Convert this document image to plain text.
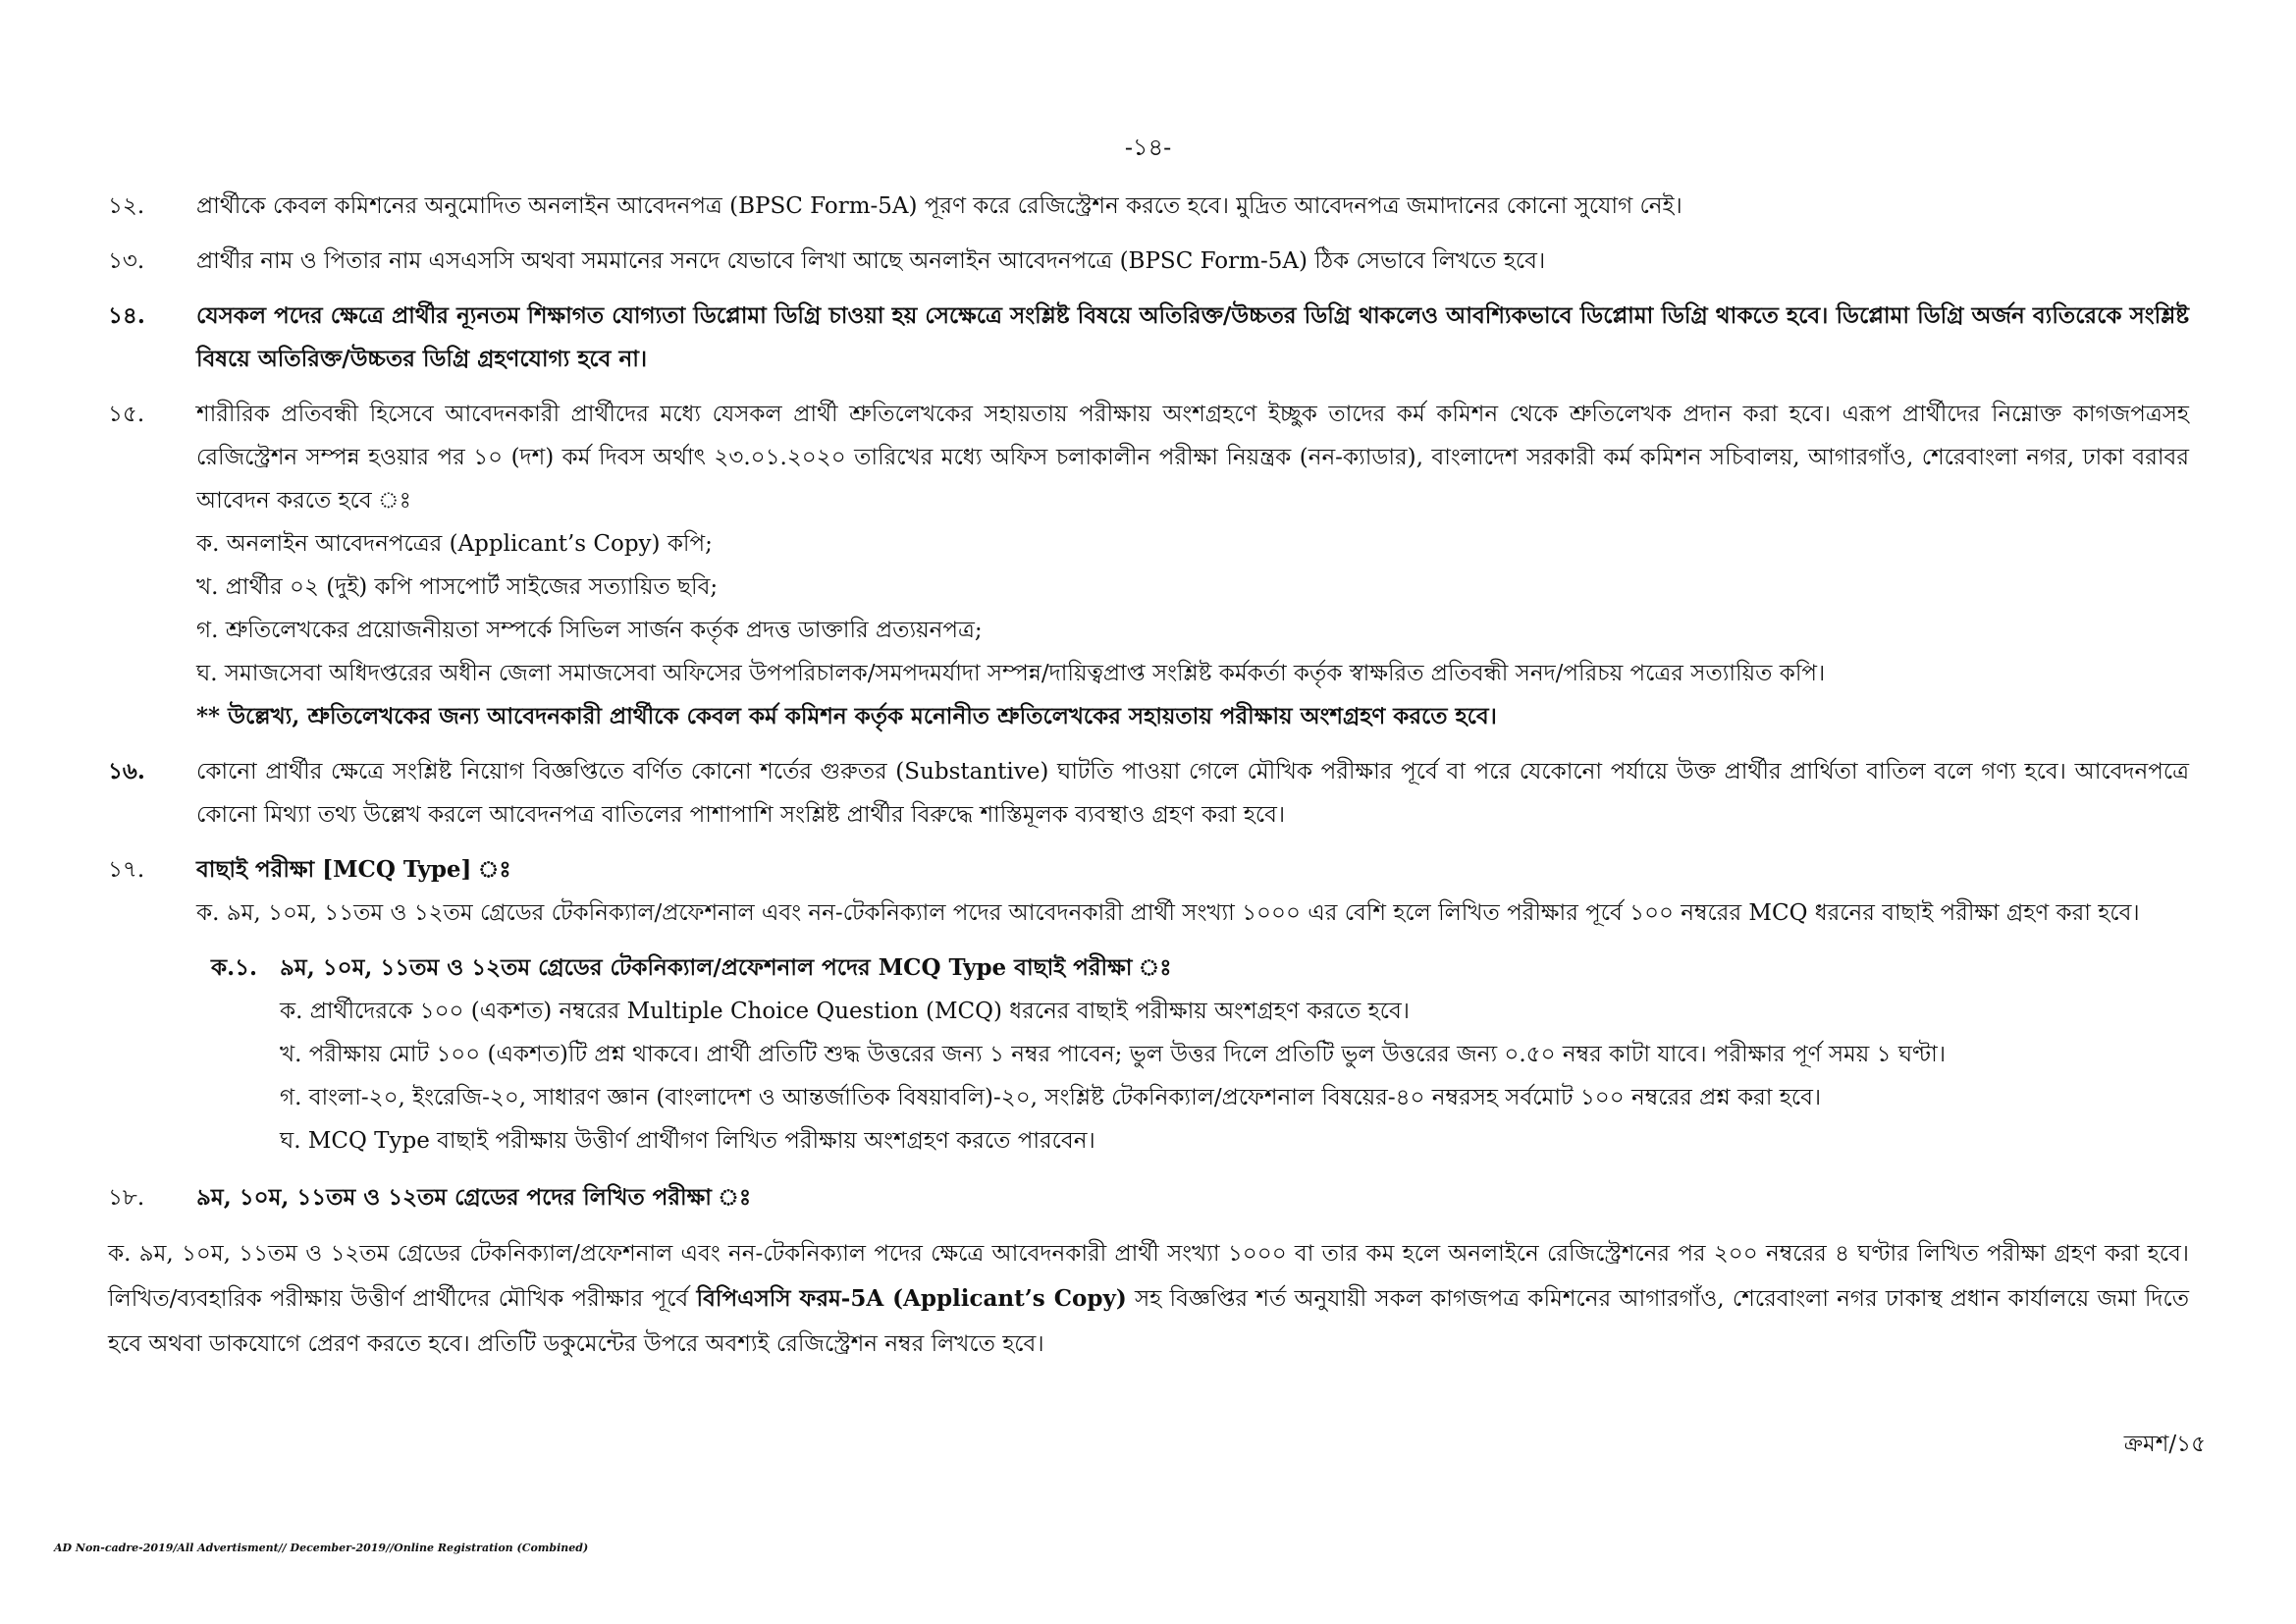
-১৪-
১২.	প্রার্থীকে কেবল কমিশনের অনুমোদিত অনলাইন আবেদনপত্র (BPSC Form-5A) পূরণ করে রেজিস্ট্রেশন করতে হবে। মুদ্রিত আবেদনপত্র জমাদানের কোনো সুযোগ নেই।
১৩.	প্রার্থীর নাম ও পিতার নাম এসএসসি অথবা সমমানের সনদে যেভাবে লিখা আছে অনলাইন আবেদনপত্রে (BPSC Form-5A) ঠিক সেভাবে লিখতে হবে।
১৪.	যেসকল পদের ক্ষেত্রে প্রার্থীর ন্যূনতম শিক্ষাগত যোগ্যতা ডিপ্লোমা ডিগ্রি চাওয়া হয় সেক্ষেত্রে সংশ্লিষ্ট বিষয়ে অতিরিক্ত/উচ্চতর ডিগ্রি থাকলেও আবশ্যিকভাবে ডিপ্লোমা ডিগ্রি থাকতে হবে। ডিপ্লোমা ডিগ্রি অর্জন ব্যতিরেকে সংশ্লিষ্ট বিষয়ে অতিরিক্ত/উচ্চতর ডিগ্রি গ্রহণযোগ্য হবে না।
১৫.	শারীরিক প্রতিবন্ধী হিসেবে আবেদনকারী প্রার্থীদের মধ্যে যেসকল প্রার্থী শ্রুতিলেখকের সহায়তায় পরীক্ষায় অংশগ্রহণে ইচ্ছুক তাদের কর্ম কমিশন থেকে শ্রুতিলেখক প্রদান করা হবে। এরূপ প্রার্থীদের নিম্নোক্ত কাগজপত্রসহ রেজিস্ট্রেশন সম্পন্ন হওয়ার পর ১০ (দশ) কর্ম দিবস অর্থাৎ ২৩.০১.২০২০ তারিখের মধ্যে অফিস চলাকালীন পরীক্ষা নিয়ন্ত্রক (নন-ক্যাডার), বাংলাদেশ সরকারী কর্ম কমিশন সচিবালয়, আগারগাঁও, শেরেবাংলা নগর, ঢাকা বরাবর আবেদন করতে হবে ঃ
ক. অনলাইন আবেদনপত্রের (Applicant’s Copy) কপি;
খ. প্রার্থীর ০২ (দুই) কপি পাসপোর্ট সাইজের সত্যায়িত ছবি;
গ. শ্রুতিলেখকের প্রয়োজনীয়তা সম্পর্কে সিভিল সার্জন কর্তৃক প্রদত্ত ডাক্তারি প্রত্যয়নপত্র;
ঘ. সমাজসেবা অধিদপ্তরের অধীন জেলা সমাজসেবা অফিসের উপপরিচালক/সমপদমর্যাদা সম্পন্ন/দায়িত্বপ্রাপ্ত সংশ্লিষ্ট কর্মকর্তা কর্তৃক স্বাক্ষরিত প্রতিবন্ধী সনদ/পরিচয় পত্রের সত্যায়িত কপি।
** উল্লেখ্য, শ্রুতিলেখকের জন্য আবেদনকারী প্রার্থীকে কেবল কর্ম কমিশন কর্তৃক মনোনীত শ্রুতিলেখকের সহায়তায় পরীক্ষায় অংশগ্রহণ করতে হবে।
১৬.	কোনো প্রার্থীর ক্ষেত্রে সংশ্লিষ্ট নিয়োগ বিজ্ঞপ্তিতে বর্ণিত কোনো শর্তের গুরুতর (Substantive) ঘাটতি পাওয়া গেলে মৌখিক পরীক্ষার পূর্বে বা পরে যেকোনো পর্যায়ে উক্ত প্রার্থীর প্রার্থিতা বাতিল বলে গণ্য হবে। আবেদনপত্রে কোনো মিথ্যা তথ্য উল্লেখ করলে আবেদনপত্র বাতিলের পাশাপাশি সংশ্লিষ্ট প্রার্থীর বিরুদ্ধে শাস্তিমূলক ব্যবস্থাও গ্রহণ করা হবে।
১৭.	বাছাই পরীক্ষা [MCQ Type] ঃ
ক. ৯ম, ১০ম, ১১তম ও ১২তম গ্রেডের টেকনিক্যাল/প্রফেশনাল এবং নন-টেকনিক্যাল পদের আবেদনকারী প্রার্থী সংখ্যা ১০০০ এর বেশি হলে লিখিত পরীক্ষার পূর্বে ১০০ নম্বরের MCQ ধরনের বাছাই পরীক্ষা গ্রহণ করা হবে।
ক.১. ৯ম, ১০ম, ১১তম ও ১২তম গ্রেডের টেকনিক্যাল/প্রফেশনাল পদের MCQ Type বাছাই পরীক্ষা ঃ
ক. প্রার্থীদেরকে ১০০ (একশত) নম্বরের Multiple Choice Question (MCQ) ধরনের বাছাই পরীক্ষায় অংশগ্রহণ করতে হবে।
খ. পরীক্ষায় মোট ১০০ (একশত)টি প্রশ্ন থাকবে। প্রার্থী প্রতিটি শুদ্ধ উত্তরের জন্য ১ নম্বর পাবেন; ভুল উত্তর দিলে প্রতিটি ভুল উত্তরের জন্য ০.৫০ নম্বর কাটা যাবে। পরীক্ষার পূর্ণ সময় ১ ঘণ্টা।
গ. বাংলা-২০, ইংরেজি-২০, সাধারণ জ্ঞান (বাংলাদেশ ও আন্তর্জাতিক বিষয়াবলি)-২০, সংশ্লিষ্ট টেকনিক্যাল/প্রফেশনাল বিষয়ের-৪০ নম্বরসহ সর্বমোট ১০০ নম্বরের প্রশ্ন করা হবে।
ঘ. MCQ Type বাছাই পরীক্ষায় উত্তীর্ণ প্রার্থীগণ লিখিত পরীক্ষায় অংশগ্রহণ করতে পারবেন।
১৮.	৯ম, ১০ম, ১১তম ও ১২তম গ্রেডের পদের লিখিত পরীক্ষা ঃ
ক. ৯ম, ১০ম, ১১তম ও ১২তম গ্রেডের টেকনিক্যাল/প্রফেশনাল এবং নন-টেকনিক্যাল পদের ক্ষেত্রে আবেদনকারী প্রার্থী সংখ্যা ১০০০ বা তার কম হলে অনলাইনে রেজিস্ট্রেশনের পর ২০০ নম্বরের ৪ ঘণ্টার লিখিত পরীক্ষা গ্রহণ করা হবে। লিখিত/ব্যবহারিক পরীক্ষায় উত্তীর্ণ প্রার্থীদের মৌখিক পরীক্ষার পূর্বে বিপিএসসি ফরম-5A (Applicant’s Copy) সহ বিজ্ঞপ্তির শর্ত অনুযায়ী সকল কাগজপত্র কমিশনের আগারগাঁও, শেরেবাংলা নগর ঢাকাস্থ প্রধান কার্যালয়ে জমা দিতে হবে অথবা ডাকযোগে প্রেরণ করতে হবে। প্রতিটি ডকুমেন্টের উপরে অবশ্যই রেজিস্ট্রেশন নম্বর লিখতে হবে।
ক্রমশ/১৫
AD Non-cadre-2019/All Advertisment// December-2019//Online Registration (Combined)
